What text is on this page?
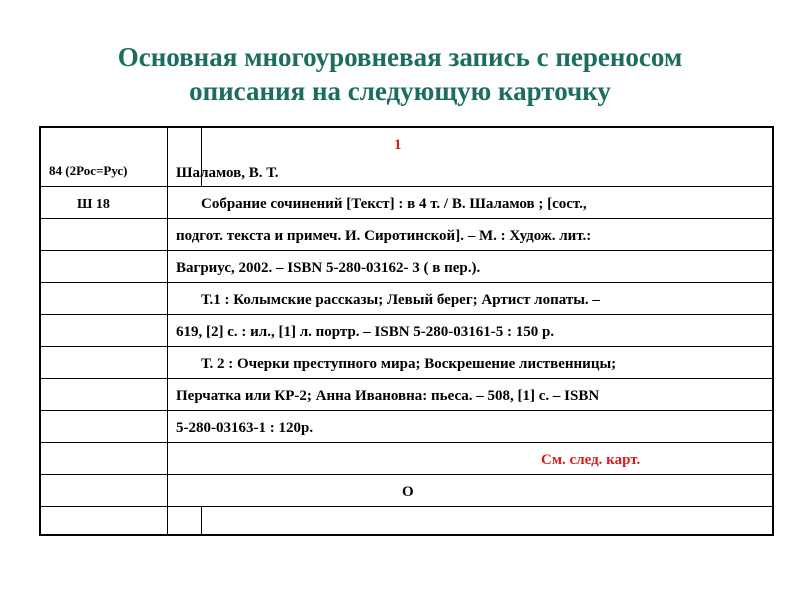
Основная многоуровневая запись с переносом
описания на следующую карточку
1
84 (2Рос=Рус)
Ш 18
Шаламов, В. Т.
Собрание сочинений [Текст] : в 4 т. / В. Шаламов ; [сост.,
подгот. текста и примеч. И. Сиротинской]. – М. : Худож. лит.:
Вагриус, 2002. – ISBN 5-280-03162- 3 ( в пер.).
Т.1 : Колымские рассказы; Левый берег; Артист лопаты. –
619, [2] с. : ил., [1] л. портр. – ISBN 5-280-03161-5 : 150 р.
Т. 2 : Очерки преступного мира; Воскрешение лиственницы;
Перчатка или КР-2; Анна Ивановна: пьеса. – 508, [1] с. – ISBN
5-280-03163-1 : 120р.
См. след. карт.
О
